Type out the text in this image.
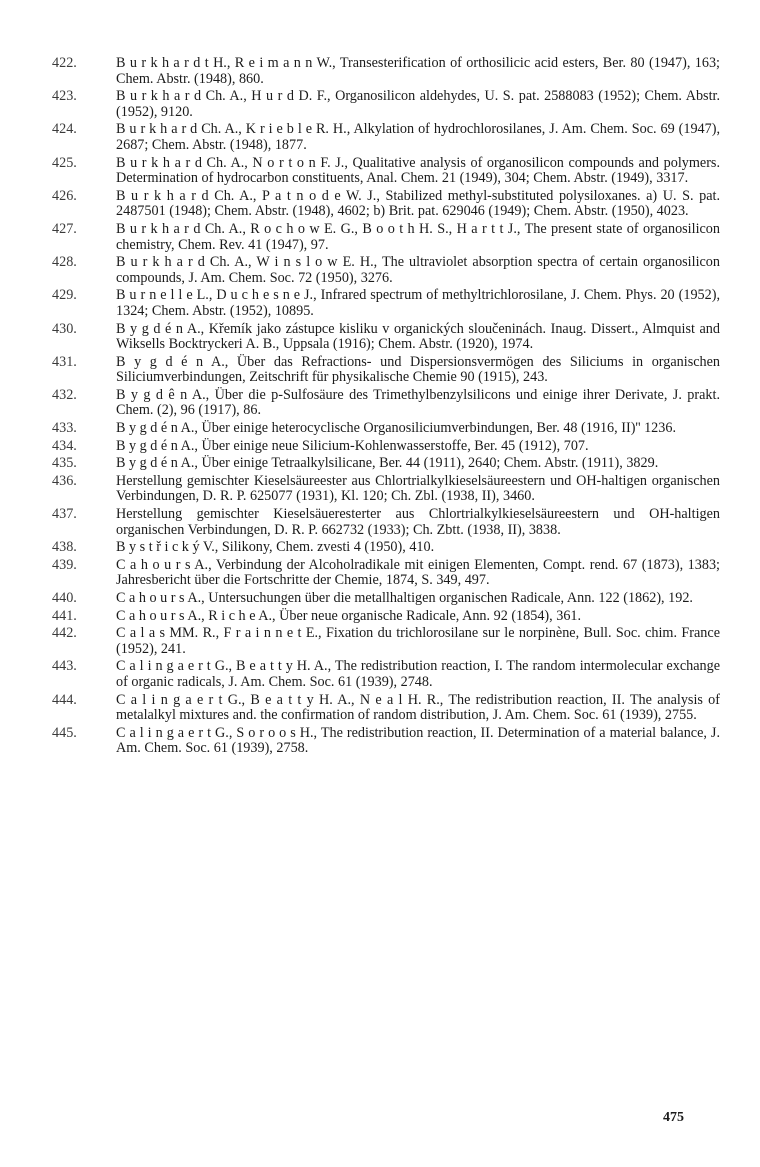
422.	B u r k h a r d t H., R e i m a n n W., Transesterification of orthosilicic acid esters, Ber. 80 (1947), 163; Chem. Abstr. (1948), 860.
423.	B u r k h a r d Ch. A., H u r d D. F., Organosilicon aldehydes, U. S. pat. 2588083 (1952); Chem. Abstr. (1952), 9120.
424.	B u r k h a r d Ch. A., K r i e b l e R. H., Alkylation of hydrochlorosilanes, J. Am. Chem. Soc. 69 (1947), 2687; Chem. Abstr. (1948), 1877.
425.	B u r k h a r d Ch. A., N o r t o n F. J., Qualitative analysis of organosilicon compounds and polymers. Determination of hydrocarbon constituents, Anal. Chem. 21 (1949), 304; Chem. Abstr. (1949), 3317.
426.	B u r k h a r d Ch. A., P a t n o d e W. J., Stabilized methyl-substituted polysiloxanes. a) U. S. pat. 2487501 (1948); Chem. Abstr. (1948), 4602; b) Brit. pat. 629046 (1949); Chem. Abstr. (1950), 4023.
427.	B u r k h a r d Ch. A., R o c h o w E. G., B o o t h H. S., H a r t t J., The present state of organosilicon chemistry, Chem. Rev. 41 (1947), 97.
428.	B u r k h a r d Ch. A., W i n s l o w E. H., The ultraviolet absorption spectra of certain organosilicon compounds, J. Am. Chem. Soc. 72 (1950), 3276.
429.	B u r n e l l e L., D u c h e s n e J., Infrared spectrum of methyltrichlorosilane, J. Chem. Phys. 20 (1952), 1324; Chem. Abstr. (1952), 10895.
430.	B y g d é n A., Křemík jako zástupce kisliku v organických sloučeninách. Inaug. Dissert., Almquist and Wiksells Bocktryckeri A. B., Uppsala (1916); Chem. Abstr. (1920), 1974.
431.	B y g d é n A., Über das Refractions- und Dispersionsvermögen des Siliciums in organischen Siliciumverbindungen, Zeitschrift für physikalische Chemie 90 (1915), 243.
432.	B y g d ê n A., Über die p-Sulfosäure des Trimethylbenzylsilicons und einige ihrer Derivate, J. prakt. Chem. (2), 96 (1917), 86.
433.	B y g d é n A., Über einige heterocyclische Organosiliciumverbindungen, Ber. 48 (1916, II)'' 1236.
434.	B y g d é n A., Über einige neue Silicium-Kohlenwasserstoffe, Ber. 45 (1912), 707.
435.	B y g d é n A., Über einige Tetraalkylsilicane, Ber. 44 (1911), 2640; Chem. Abstr. (1911), 3829.
436.	Herstellung gemischter Kieselsäureester aus Chlortrialkylkieselsäureestern und OH-haltigen organischen Verbindungen, D. R. P. 625077 (1931), Kl. 120; Ch. Zbl. (1938, II), 3460.
437.	Herstellung gemischter Kieselsäueresterter aus Chlortrialkylkieselsäureestern und OH-haltigen organischen Verbindungen, D. R. P. 662732 (1933); Ch. Zbtt. (1938, II), 3838.
438.	B y s t ř i c k ý V., Silikony, Chem. zvesti 4 (1950), 410.
439.	C a h o u r s A., Verbindung der Alcoholradikale mit einigen Elementen, Compt. rend. 67 (1873), 1383; Jahresbericht über die Fortschritte der Chemie, 1874, S. 349, 497.
440.	C a h o u r s A., Untersuchungen über die metallhaltigen organischen Radicale, Ann. 122 (1862), 192.
441.	C a h o u r s A., R i c h e A., Über neue organische Radicale, Ann. 92 (1854), 361.
442.	C a l a s MM. R., F r a i n n e t E., Fixation du trichlorosilane sur le norpinène, Bull. Soc. chim. France (1952), 241.
443.	C a l i n g a e r t G., B e a t t y H. A., The redistribution reaction, I. The random intermolecular exchange of organic radicals, J. Am. Chem. Soc. 61 (1939), 2748.
444.	C a l i n g a e r t G., B e a t t y H. A., N e a l H. R., The redistribution reaction, II. The analysis of metalalkyl mixtures and. the confirmation of random distribution, J. Am. Chem. Soc. 61 (1939), 2755.
445.	C a l i n g a e r t G., S o r o o s H., The redistribution reaction, II. Determination of a material balance, J. Am. Chem. Soc. 61 (1939), 2758.
475
